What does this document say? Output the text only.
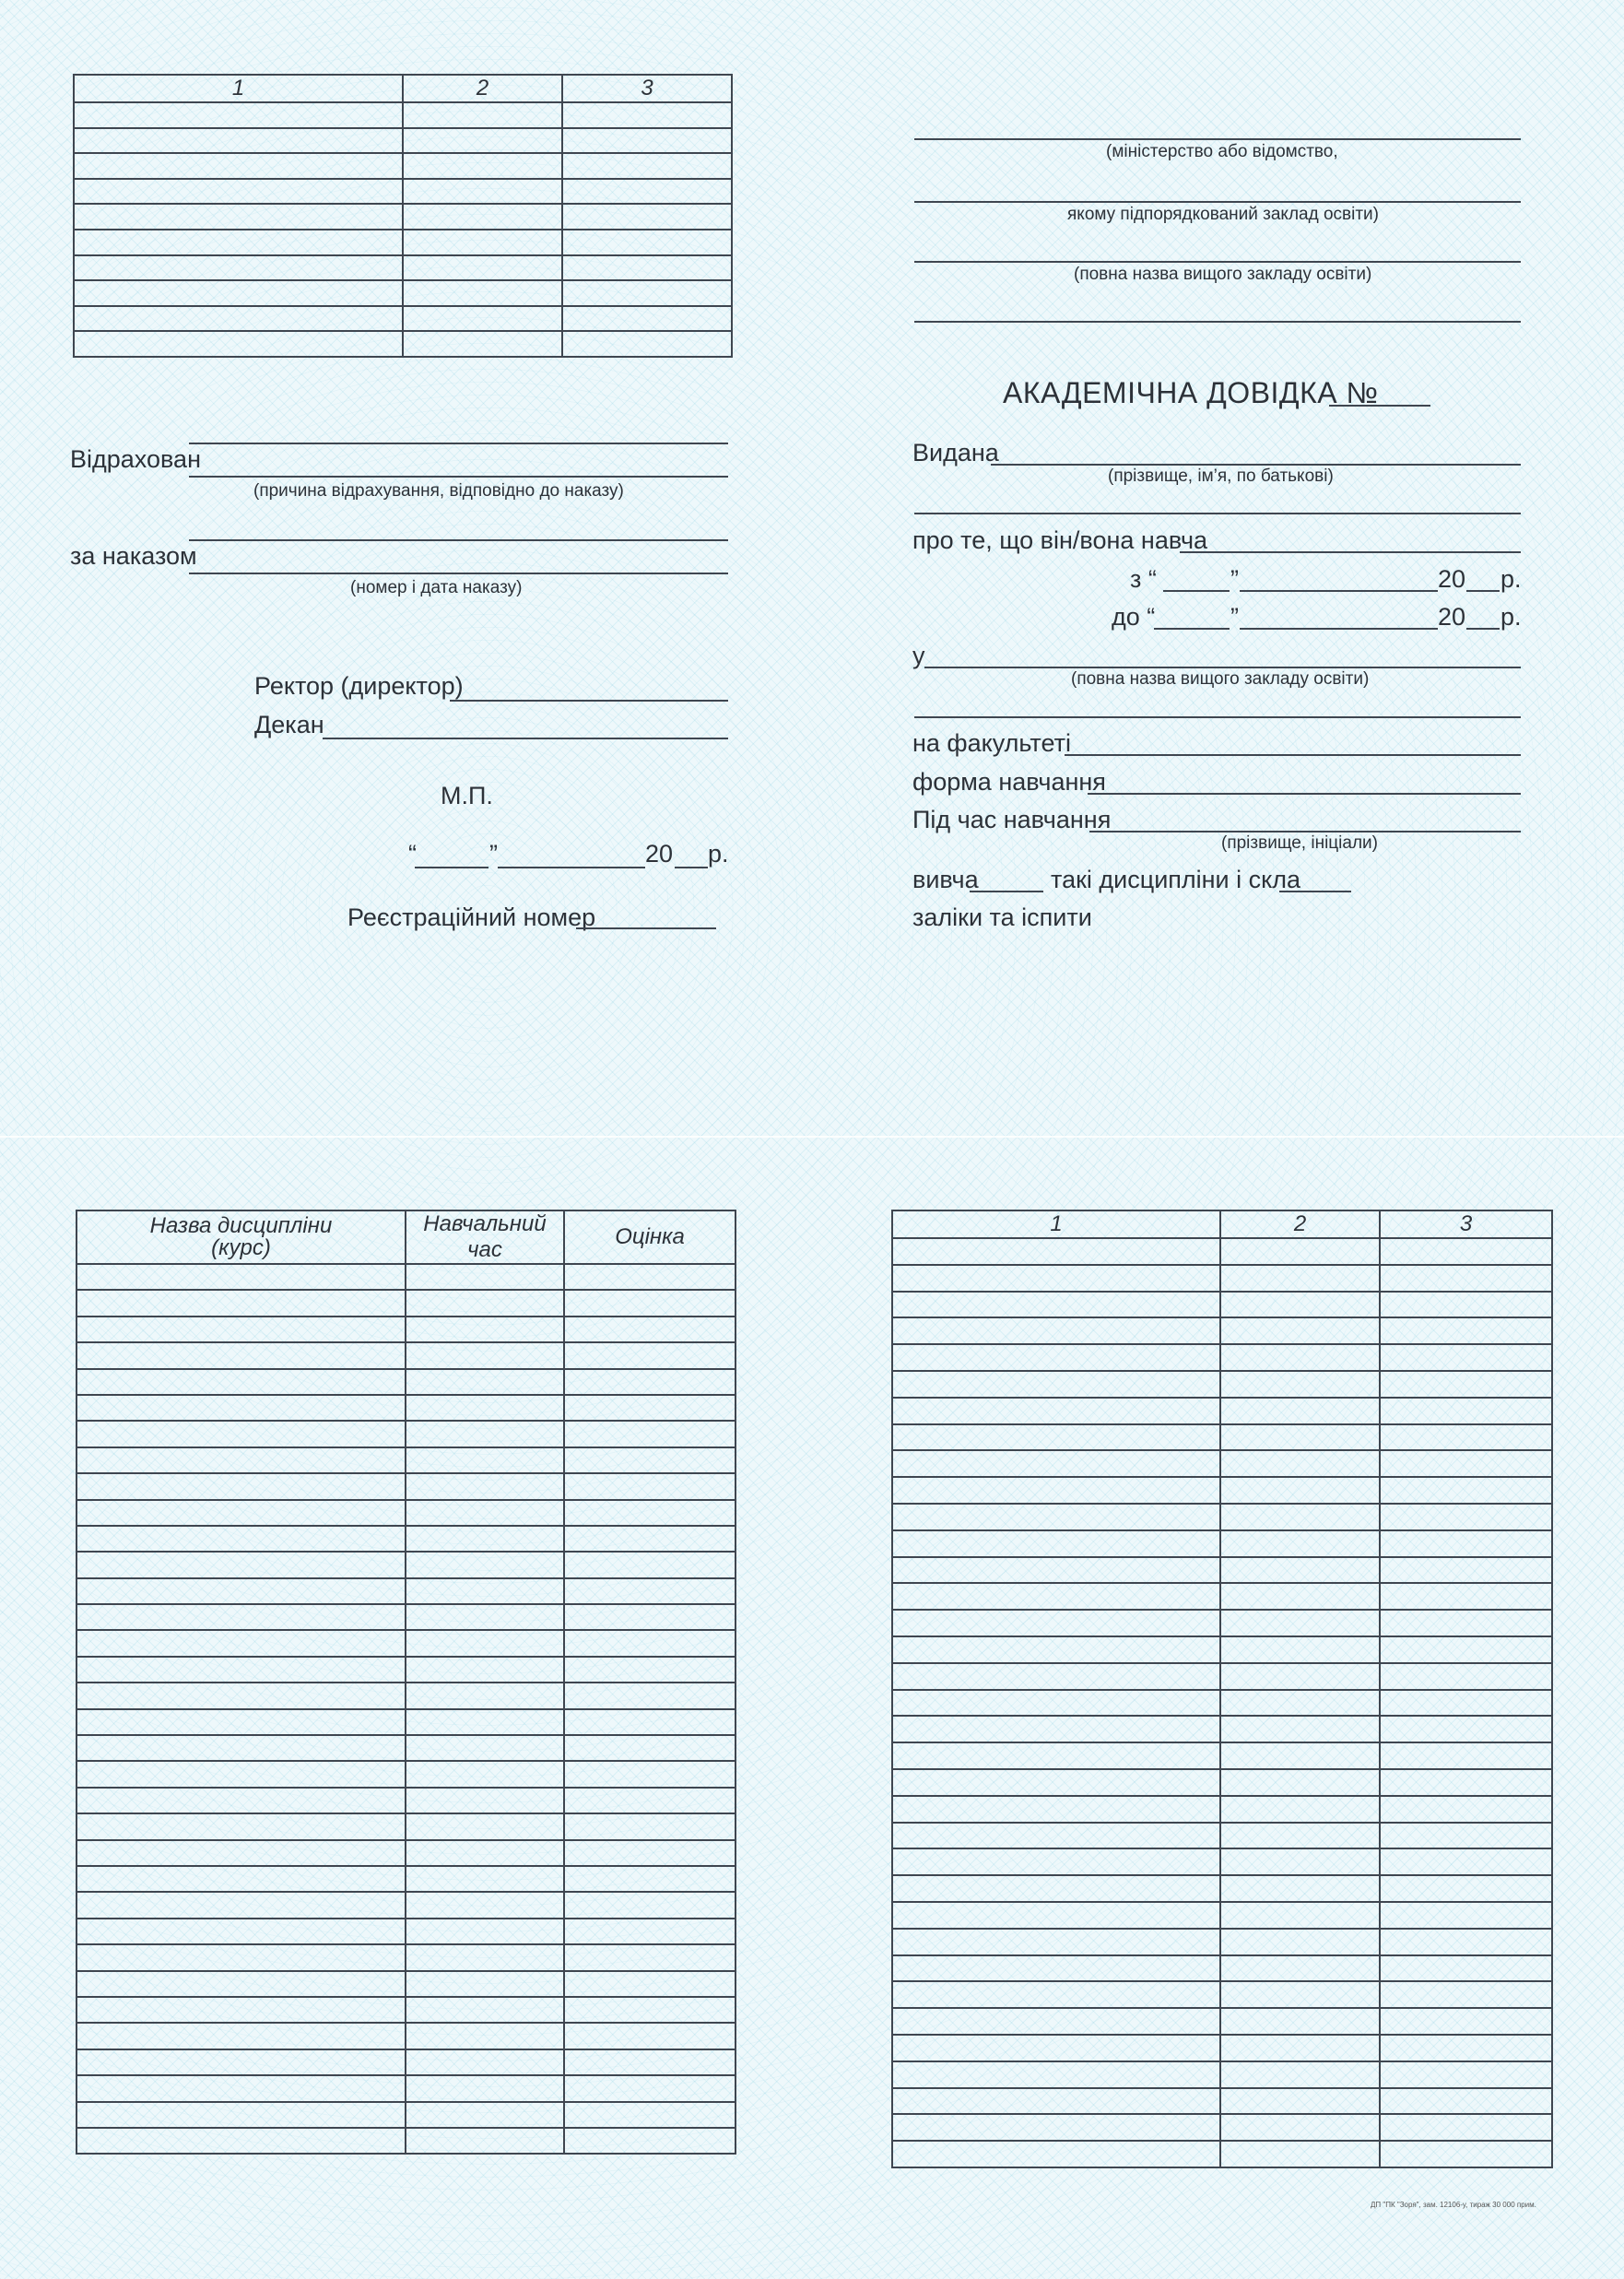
1	2	3

Відрахован
(причина відрахування, відповідно до наказу)
за наказом
(номер і дата наказу)
Ректор (директор)
Декан
М.П.
“	”	20 р.
Реєстраційний номер
(міністерство або відомство,
якому підпорядкований заклад освіти)
(повна назва вищого закладу освіти)
АКАДЕМІЧНА ДОВІДКА №
Видана
(прізвище, ім’я, по батькові)
про те, що він/вона навча
з “	”	20 р.
до “	”	20 р.
у
(повна назва вищого закладу освіти)
на факультеті
форма навчання
Під час навчання
(прізвище, ініціали)
вивча	такі дисципліни і скла
заліки та іспити
Назва дисципліни
(курс)	Навчальний час	Оцінка

1	2	3

ДП "ПК "Зоря", зам. 12106-у, тираж 30 000 прим.
